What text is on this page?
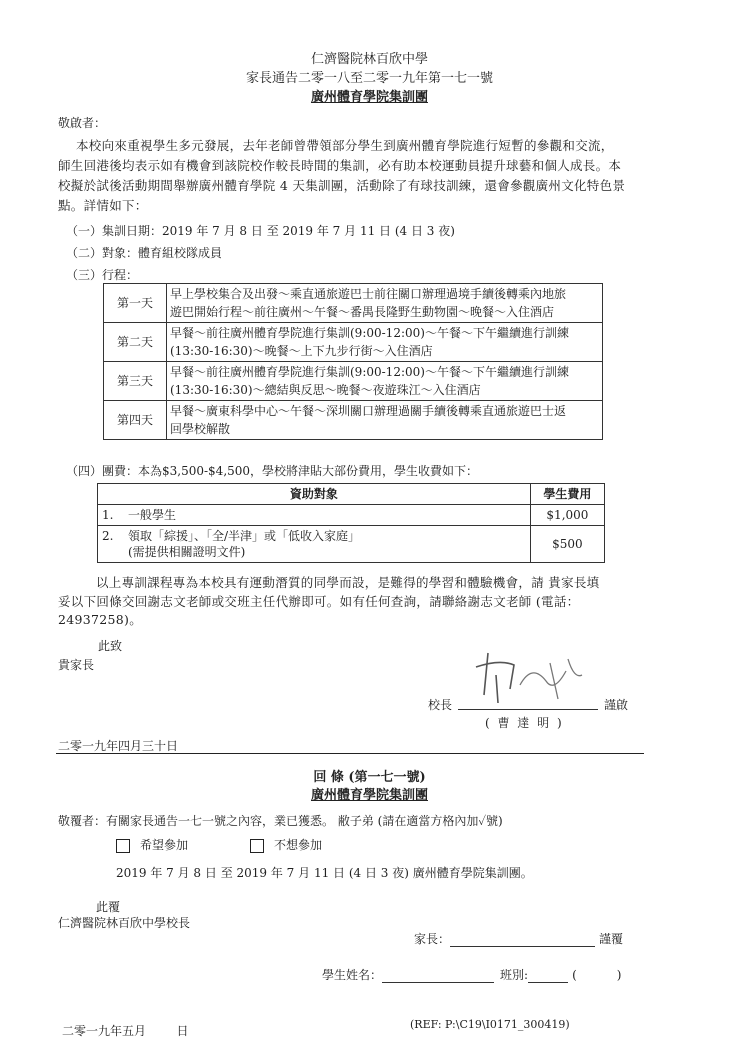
仁濟醫院林百欣中學
家長通告二零一八至二零一九年第一七一號
廣州體育學院集訓團
敬啟者：
本校向來重視學生多元發展，去年老師曾帶領部分學生到廣州體育學院進行短暫的參觀和交流，
師生回港後均表示如有機會到該院校作較長時間的集訓，必有助本校運動員提升球藝和個人成長。本
校擬於試後活動期間舉辦廣州體育學院 4 天集訓團，活動除了有球技訓練，還會參觀廣州文化特色景
點。詳情如下：
（一）集訓日期：2019 年 7 月 8 日 至 2019 年 7 月 11 日 (4 日 3 夜)
（二）對象：體育組校隊成員
（三）行程：
第一天	早上學校集合及出發～乘直通旅遊巴士前往關口辦理過境手續後轉乘內地旅
遊巴開始行程～前往廣州～午餐～番禺長隆野生動物園～晚餐～入住酒店

第二天	早餐～前往廣州體育學院進行集訓(9:00-12:00)～午餐～下午繼續進行訓練
(13:30-16:30)～晚餐～上下九步行街～入住酒店

第三天	早餐～前往廣州體育學院進行集訓(9:00-12:00)～午餐～下午繼續進行訓練
(13:30-16:30)～總結與反思～晚餐～夜遊珠江～入住酒店

第四天	早餐～廣東科學中心～午餐～深圳關口辦理過關手續後轉乘直通旅遊巴士返
回學校解散
（四）團費：本為$3,500-$4,500，學校將津貼大部份費用，學生收費如下：
資助對象		學生費用
1.	一般學生	$1,000
2.	領取「綜援」、「全/半津」或「低收入家庭」
(需提供相關證明文件)	$500
以上專訓課程專為本校具有運動潛質的同學而設，是難得的學習和體驗機會，請 貴家長填
妥以下回條交回謝志文老師或交班主任代辦即可。如有任何查詢，請聯絡謝志文老師 (電話：
24937258)。
此致
貴家長
校長	謹啟
( 曹 達 明 )
二零一九年四月三十日
回 條 (第一七一號)
廣州體育學院集訓團
敬覆者：有關家長通告一七一號之內容，業已獲悉。 敝子弟 (請在適當方格內加✓號)
希望參加	不想參加
2019 年 7 月 8 日 至 2019 年 7 月 11 日 (4 日 3 夜) 廣州體育學院集訓團。
此覆
仁濟醫院林百欣中學校長
家長：	謹覆
學生姓名：	班別:	(	)
二零一九年五月        日	(REF: P:\C19\I0171_300419)
